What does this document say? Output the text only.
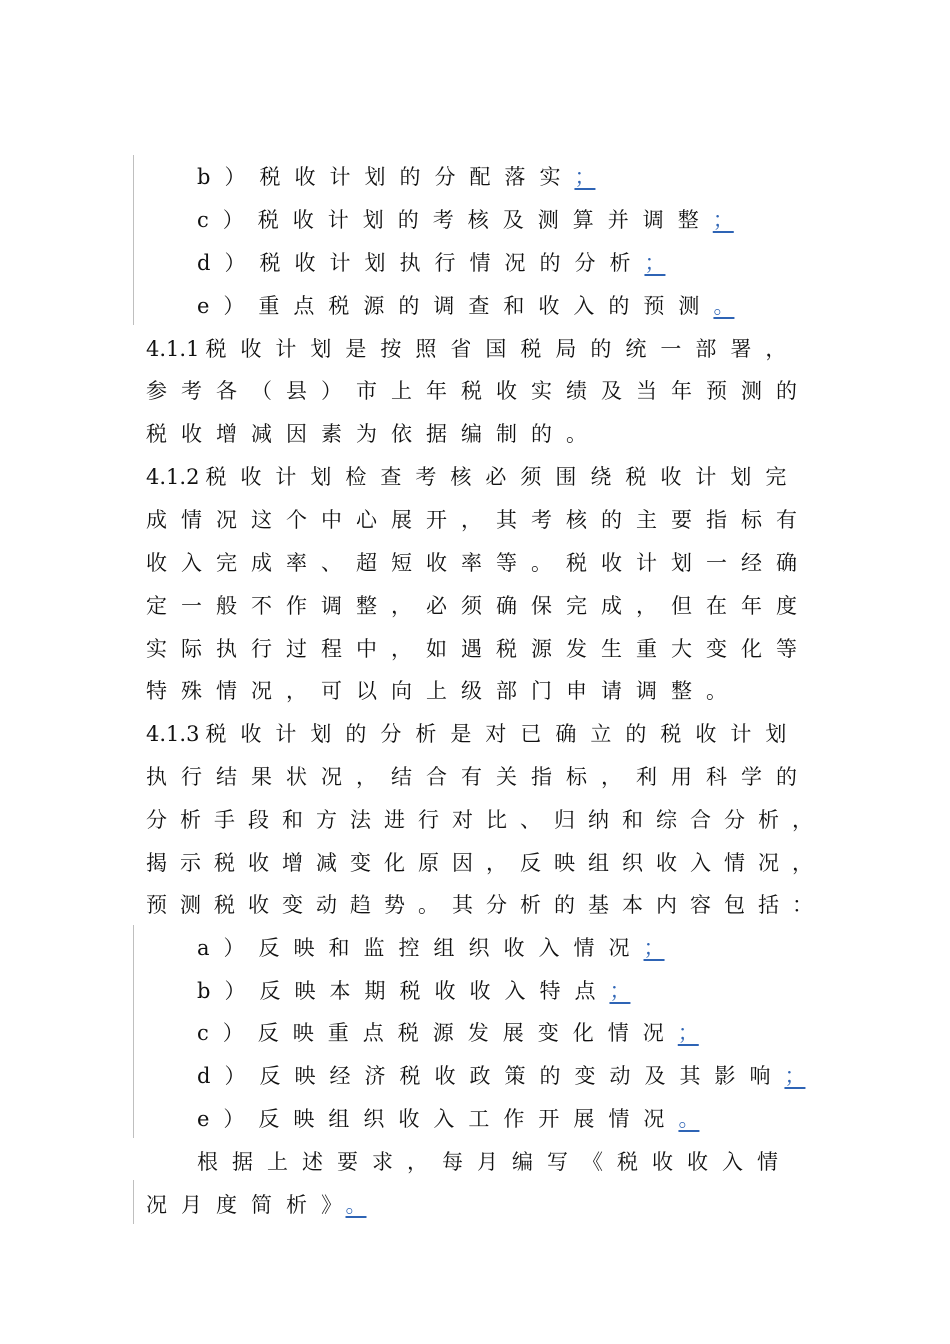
b）税收计划的分配落实；
c）税收计划的考核及测算并调整；
d）税收计划执行情况的分析；
e）重点税源的调查和收入的预测。
4.1.1 税收计划是按照省国税局的统一部署，
参考各（县）市上年税收实绩及当年预测的
税收增减因素为依据编制的。
4.1.2 税收计划检查考核必须围绕税收计划完
成情况这个中心展开，其考核的主要指标有
收入完成率、超短收率等。税收计划一经确
定一般不作调整，必须确保完成，但在年度
实际执行过程中，如遇税源发生重大变化等
特殊情况，可以向上级部门申请调整。
4.1.3 税收计划的分析是对已确立的税收计划
执行结果状况，结合有关指标，利用科学的
分析手段和方法进行对比、归纳和综合分析，
揭示税收增减变化原因，反映组织收入情况，
预测税收变动趋势。其分析的基本内容包括：
a）反映和监控组织收入情况；
b）反映本期税收收入特点；
c）反映重点税源发展变化情况；
d）反映经济税收政策的变动及其影响；
e）反映组织收入工作开展情况。
根据上述要求，每月编写《税收收入情
况月度简析》。
